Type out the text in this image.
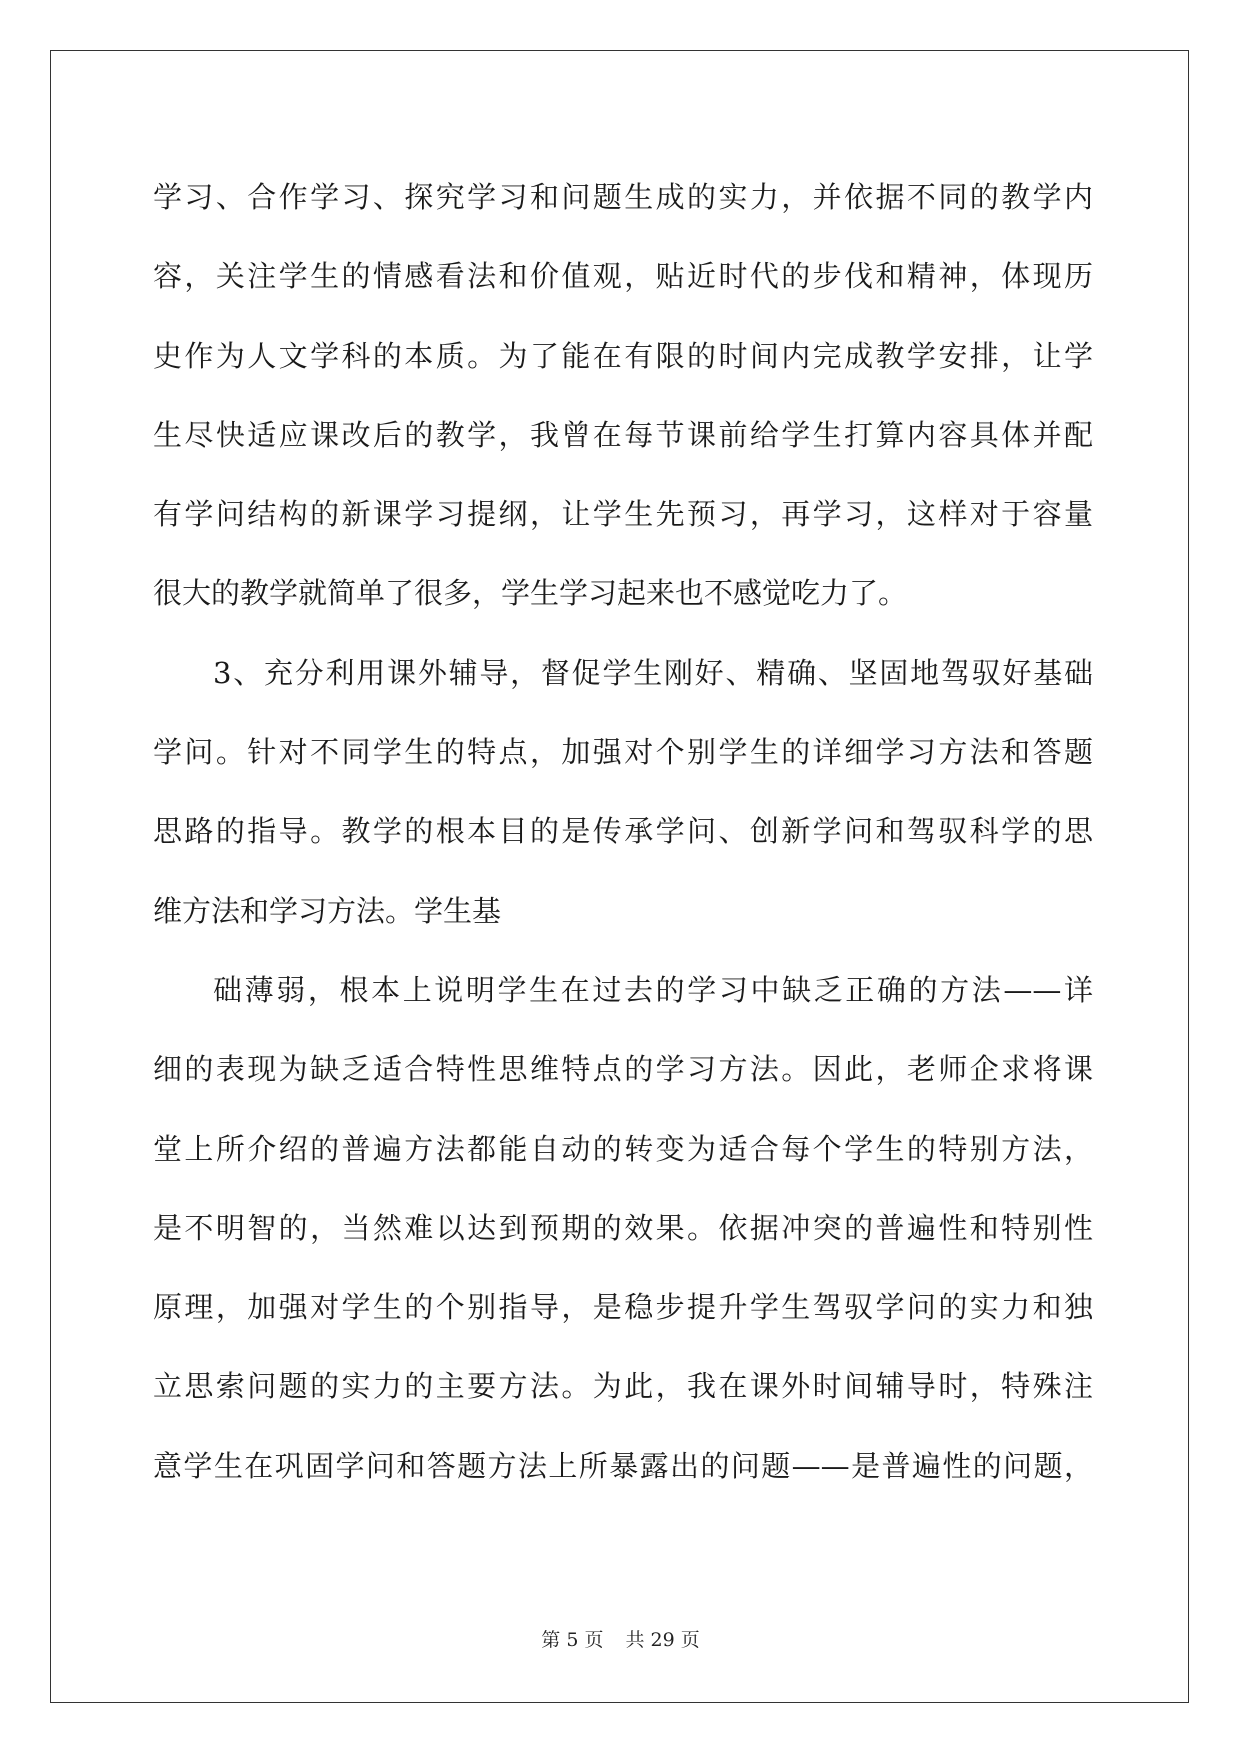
学习、合作学习、探究学习和问题生成的实力，并依据不同的教学内
容，关注学生的情感看法和价值观，贴近时代的步伐和精神，体现历
史作为人文学科的本质。为了能在有限的时间内完成教学安排，让学
生尽快适应课改后的教学，我曾在每节课前给学生打算内容具体并配
有学问结构的新课学习提纲，让学生先预习，再学习，这样对于容量
很大的教学就简单了很多，学生学习起来也不感觉吃力了。
3、充分利用课外辅导，督促学生刚好、精确、坚固地驾驭好基础
学问。针对不同学生的特点，加强对个别学生的详细学习方法和答题
思路的指导。教学的根本目的是传承学问、创新学问和驾驭科学的思
维方法和学习方法。学生基
础薄弱，根本上说明学生在过去的学习中缺乏正确的方法——详
细的表现为缺乏适合特性思维特点的学习方法。因此，老师企求将课
堂上所介绍的普遍方法都能自动的转变为适合每个学生的特别方法，
是不明智的，当然难以达到预期的效果。依据冲突的普遍性和特别性
原理，加强对学生的个别指导，是稳步提升学生驾驭学问的实力和独
立思索问题的实力的主要方法。为此，我在课外时间辅导时，特殊注
意学生在巩固学问和答题方法上所暴露出的问题——是普遍性的问题，
第 5 页 共 29 页
